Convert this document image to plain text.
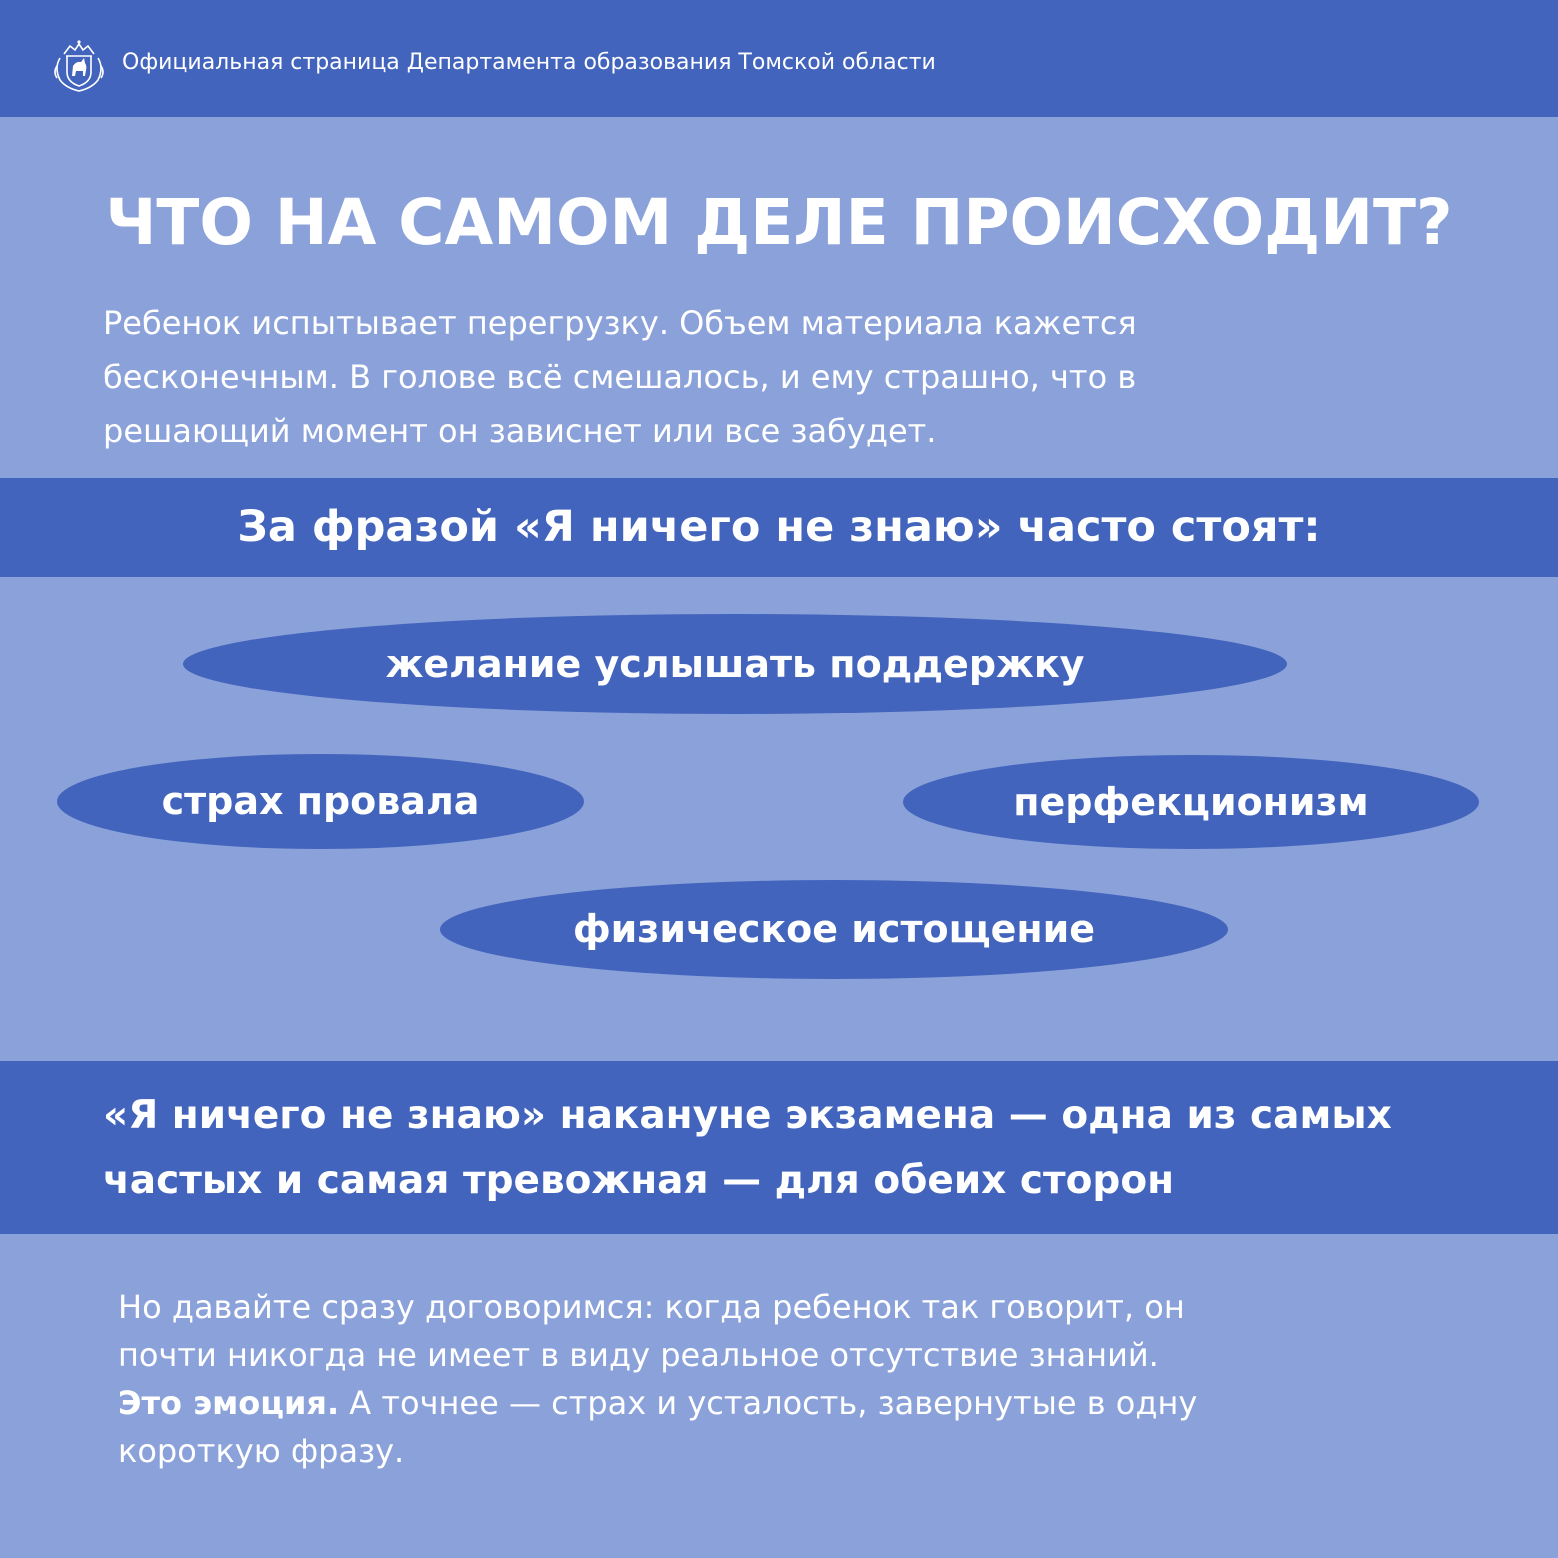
Официальная страница Департамента образования Томской области
ЧТО НА САМОМ ДЕЛЕ ПРОИСХОДИТ?
Ребенок испытывает перегрузку. Объем материала кажется
бесконечным. В голове всё смешалось, и ему страшно, что в
решающий момент он зависнет или все забудет.
За фразой «Я ничего не знаю» часто стоят:
желание услышать поддержку
страх провала	перфекционизм
физическое истощение
«Я ничего не знаю» накануне экзамена — одна из самых
частых и самая тревожная — для обеих сторон
Но давайте сразу договоримся: когда ребенок так говорит, он
почти никогда не имеет в виду реальное отсутствие знаний.
Это эмоция. А точнее — страх и усталость, завернутые в одну
короткую фразу.
